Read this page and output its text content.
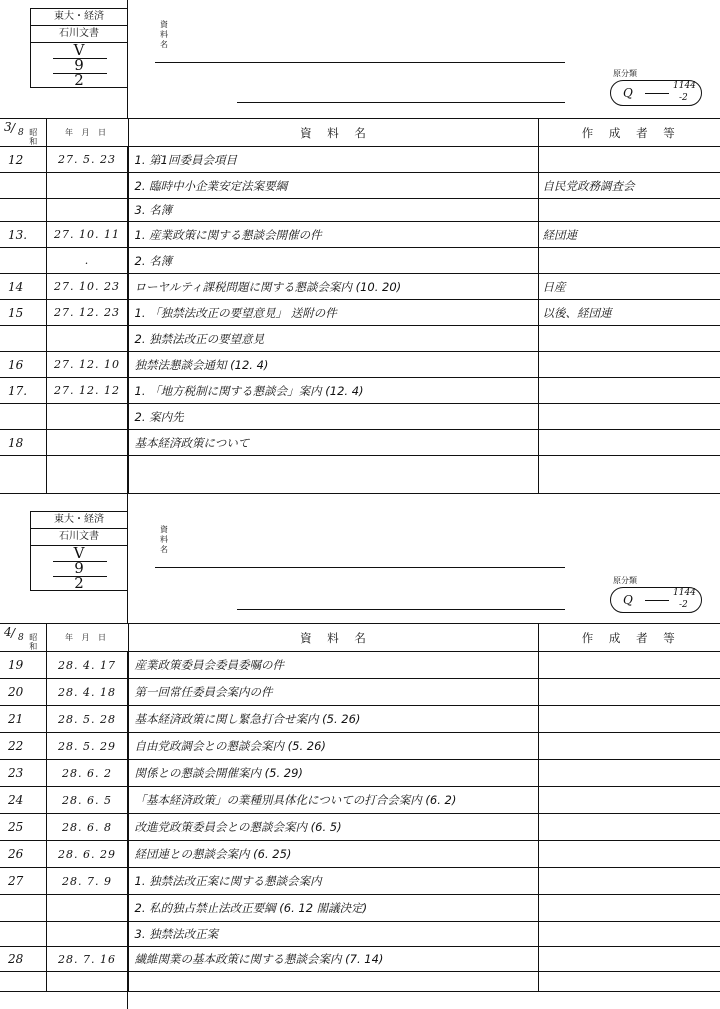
東大・経済
石川文書
V
9
2
資
料
名
原分類
Q	1144
-2
3 / 8 昭
和	年 月 日	資 料 名	作 成 者 等
12	27. 5. 23	1. 第1回委員会項目	
		2. 臨時中小企業安定法案要綱	自民党政務調査会
		3. 名簿	
13.	27. 10. 11	1. 産業政策に関する懇談会開催の件	経団連
	.	2. 名簿	
14	27. 10. 23	ローヤルティ課税問題に関する懇談会案内 (10. 20)	日産
15	27. 12. 23	1. 「独禁法改正の要望意見」 送附の件	以後、経団連
		2. 独禁法改正の要望意見	
16	27. 12. 10	独禁法懇談会通知 (12. 4)	
17.	27. 12. 12	1. 「地方税制に関する懇談会」案内 (12. 4)	
		2. 案内先	
18		基本経済政策について	

東大・経済
石川文書
V
9
2
資
料
名
原分類
Q	1144
-2
4 / 8 昭
和	年 月 日	資 料 名	作 成 者 等
19	28. 4. 17	産業政策委員会委員委嘱の件	
20	28. 4. 18	第一回常任委員会案内の件	
21	28. 5. 28	基本経済政策に関し緊急打合せ案内 (5. 26)	
22	28. 5. 29	自由党政調会との懇談会案内 (5. 26)	
23	28. 6. 2	関係との懇談会開催案内 (5. 29)	
24	28. 6. 5	「基本経済政策」の業種別具体化についての打合会案内 (6. 2)	
25	28. 6. 8	改進党政策委員会との懇談会案内 (6. 5)	
26	28. 6. 29	経団連との懇談会案内 (6. 25)	
27	28. 7. 9	1. 独禁法改正案に関する懇談会案内	
		2. 私的独占禁止法改正要綱 (6. 12 閣議決定)	
		3. 独禁法改正案	
28	28. 7. 16	繊維関業の基本政策に関する懇談会案内 (7. 14)	
